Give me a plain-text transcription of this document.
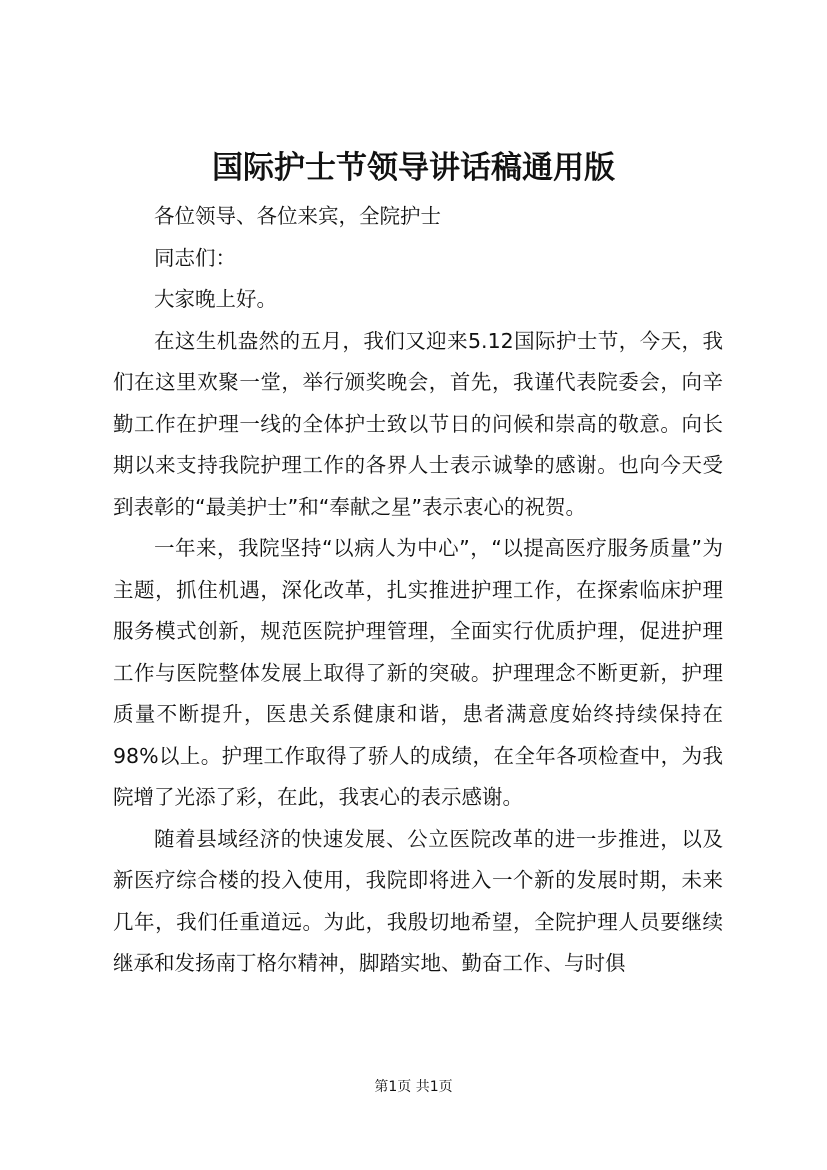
国际护士节领导讲话稿通用版

各位领导、各位来宾，全院护士

同志们：

大家晚上好。

在这生机盎然的五月，我们又迎来5.12国际护士节，今天，我们在这里欢聚一堂，举行颁奖晚会，首先，我谨代表院委会，向辛勤工作在护理一线的全体护士致以节日的问候和崇高的敬意。向长期以来支持我院护理工作的各界人士表示诚挚的感谢。也向今天受到表彰的“最美护士”和“奉献之星”表示衷心的祝贺。

一年来，我院坚持“以病人为中心”，“以提高医疗服务质量”为主题，抓住机遇，深化改革，扎实推进护理工作，在探索临床护理服务模式创新，规范医院护理管理，全面实行优质护理，促进护理工作与医院整体发展上取得了新的突破。护理理念不断更新，护理质量不断提升，医患关系健康和谐，患者满意度始终持续保持在98%以上。护理工作取得了骄人的成绩，在全年各项检查中，为我院增了光添了彩，在此，我衷心的表示感谢。

随着县域经济的快速发展、公立医院改革的进一步推进，以及新医疗综合楼的投入使用，我院即将进入一个新的发展时期，未来几年，我们任重道远。为此，我殷切地希望，全院护理人员要继续继承和发扬南丁格尔精神，脚踏实地、勤奋工作、与时俱

第1页 共1页
